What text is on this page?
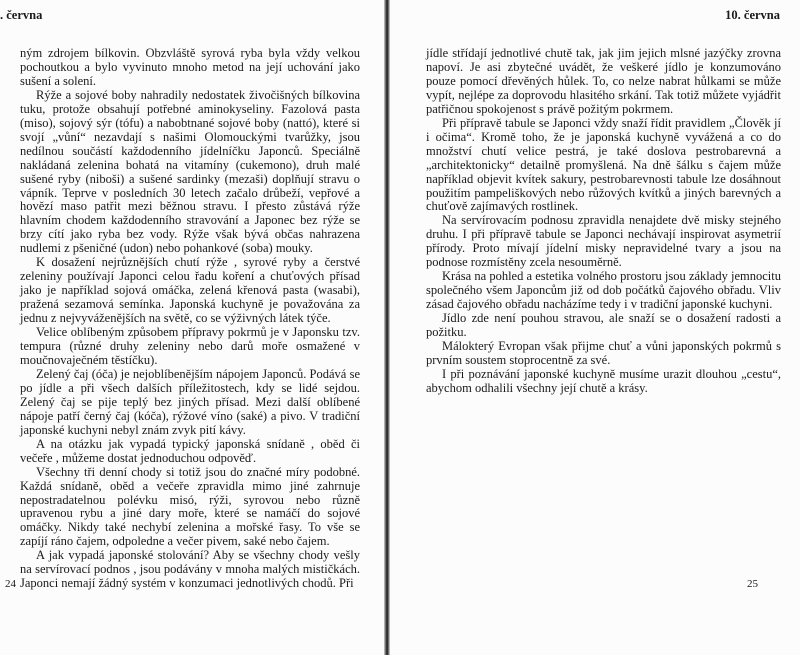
. června

ným zdrojem bílkovin. Obzvláště syrová ryba byla vždy velkou pochoutkou a bylo vyvinuto mnoho metod na její uchování jako sušení a solení.

Rýže a sojové boby nahradily nedostatek živočišných bílkovina tuku, protože obsahují potřebné aminokyseliny. Fazolová pasta (miso), sojový sýr (tófu) a nabobtnané sojové boby (nattó), které si svojí „vůní“ nezavdají s našimi Olomouckými tvarůžky, jsou nedílnou součástí každodenního jídelníčku Japonců. Speciálně nakládaná zelenina bohatá na vitamíny (cukemono), druh malé sušené ryby (niboši) a sušené sardinky (mezaši) doplňují stravu o vápník. Teprve v posledních 30 letech začalo drůbeží, vepřové a hovězí maso patřit mezi běžnou stravu. I přesto zůstává rýže hlavním chodem každodenního stravování a Japonec bez rýže se brzy cítí jako ryba bez vody. Rýže však bývá občas nahrazena nudlemi z pšeničné (udon) nebo pohankové (soba) mouky.

K dosažení nejrůznějších chutí rýže , syrové ryby a čerstvé zeleniny používají Japonci celou řadu koření a chuťových přísad jako je například sojová omáčka, zelená křenová pasta (wasabi), pražená sezamová semínka. Japonská kuchyně je považována za jednu z nejvyváženějších na světě, co se výživných látek týče.

Velice oblíbeným způsobem přípravy pokrmů je v Japonsku tzv. tempura (různé druhy zeleniny nebo darů moře osmažené v moučnovaječném těstíčku).

Zelený čaj (óča) je nejoblíbenějším nápojem Japonců. Podává se po jídle a při všech dalších příležitostech, kdy se lidé sejdou. Zelený čaj se pije teplý bez jiných přísad. Mezi další oblíbené nápoje patří černý čaj (kóča), rýžové víno (saké) a pivo. V tradiční japonské kuchyni nebyl znám zvyk pití kávy.

A na otázku jak vypadá typický japonská snídaně , oběd či večeře , můžeme dostat jednoduchou odpověď.

Všechny tři denní chody si totiž jsou do značné míry podobné. Každá snídaně, oběd a večeře zpravidla mimo jiné zahrnuje nepostradatelnou polévku misó, rýži, syrovou nebo různě upravenou rybu a jiné dary moře, které se namáčí do sojové omáčky. Nikdy také nechybí zelenina a mořské řasy. To vše se zapíjí ráno čajem, odpoledne a večer pivem, saké nebo čajem.

A jak vypadá japonské stolování? Aby se všechny chody vešly na servírovací podnos , jsou podávány v mnoha malých mističkách. Japonci nemají žádný systém v konzumaci jednotlivých chodů. Při

24
10. června

jídle střídají jednotlivé chutě tak, jak jim jejich mlsné jazýčky zrovna napoví. Je asi zbytečné uvádět, že veškeré jídlo je konzumováno pouze pomocí dřevěných hůlek. To, co nelze nabrat hůlkami se může vypít, nejlépe za doprovodu hlasitého srkání. Tak totiž můžete vyjádřit patřičnou spokojenost s právě požitým pokrmem.

Při přípravě tabule se Japonci vždy snaží řídit pravidlem „Člověk jí i očima“. Kromě toho, že je japonská kuchyně vyvážená a co do množství chutí velice pestrá, je také doslova pestrobarevná a „architektonicky“ detailně promyšlená. Na dně šálku s čajem může například objevit kvítek sakury, pestrobarevnosti tabule lze dosáhnout použitím pampeliškových nebo růžových kvítků a jiných barevných a chuťově zajímavých rostlinek.

Na servírovacím podnosu zpravidla nenajdete dvě misky stejného druhu. I při přípravě tabule se Japonci nechávají inspirovat asymetrií přírody. Proto mívají jídelní misky nepravidelné tvary a jsou na podnose rozmístěny zcela nesouměrně.

Krása na pohled a estetika volného prostoru jsou základy jemnocitu společného všem Japoncům již od dob počátků čajového obřadu. Vliv zásad čajového obřadu nacházíme tedy i v tradiční japonské kuchyni.

Jídlo zde není pouhou stravou, ale snaží se o dosažení radosti a požitku.

Málokterý Evropan však přijme chuť a vůni japonských pokrmů s prvním soustem stoprocentně za své.

I při poznávání japonské kuchyně musíme urazit dlouhou „cestu“, abychom odhalili všechny její chutě a krásy.

25
